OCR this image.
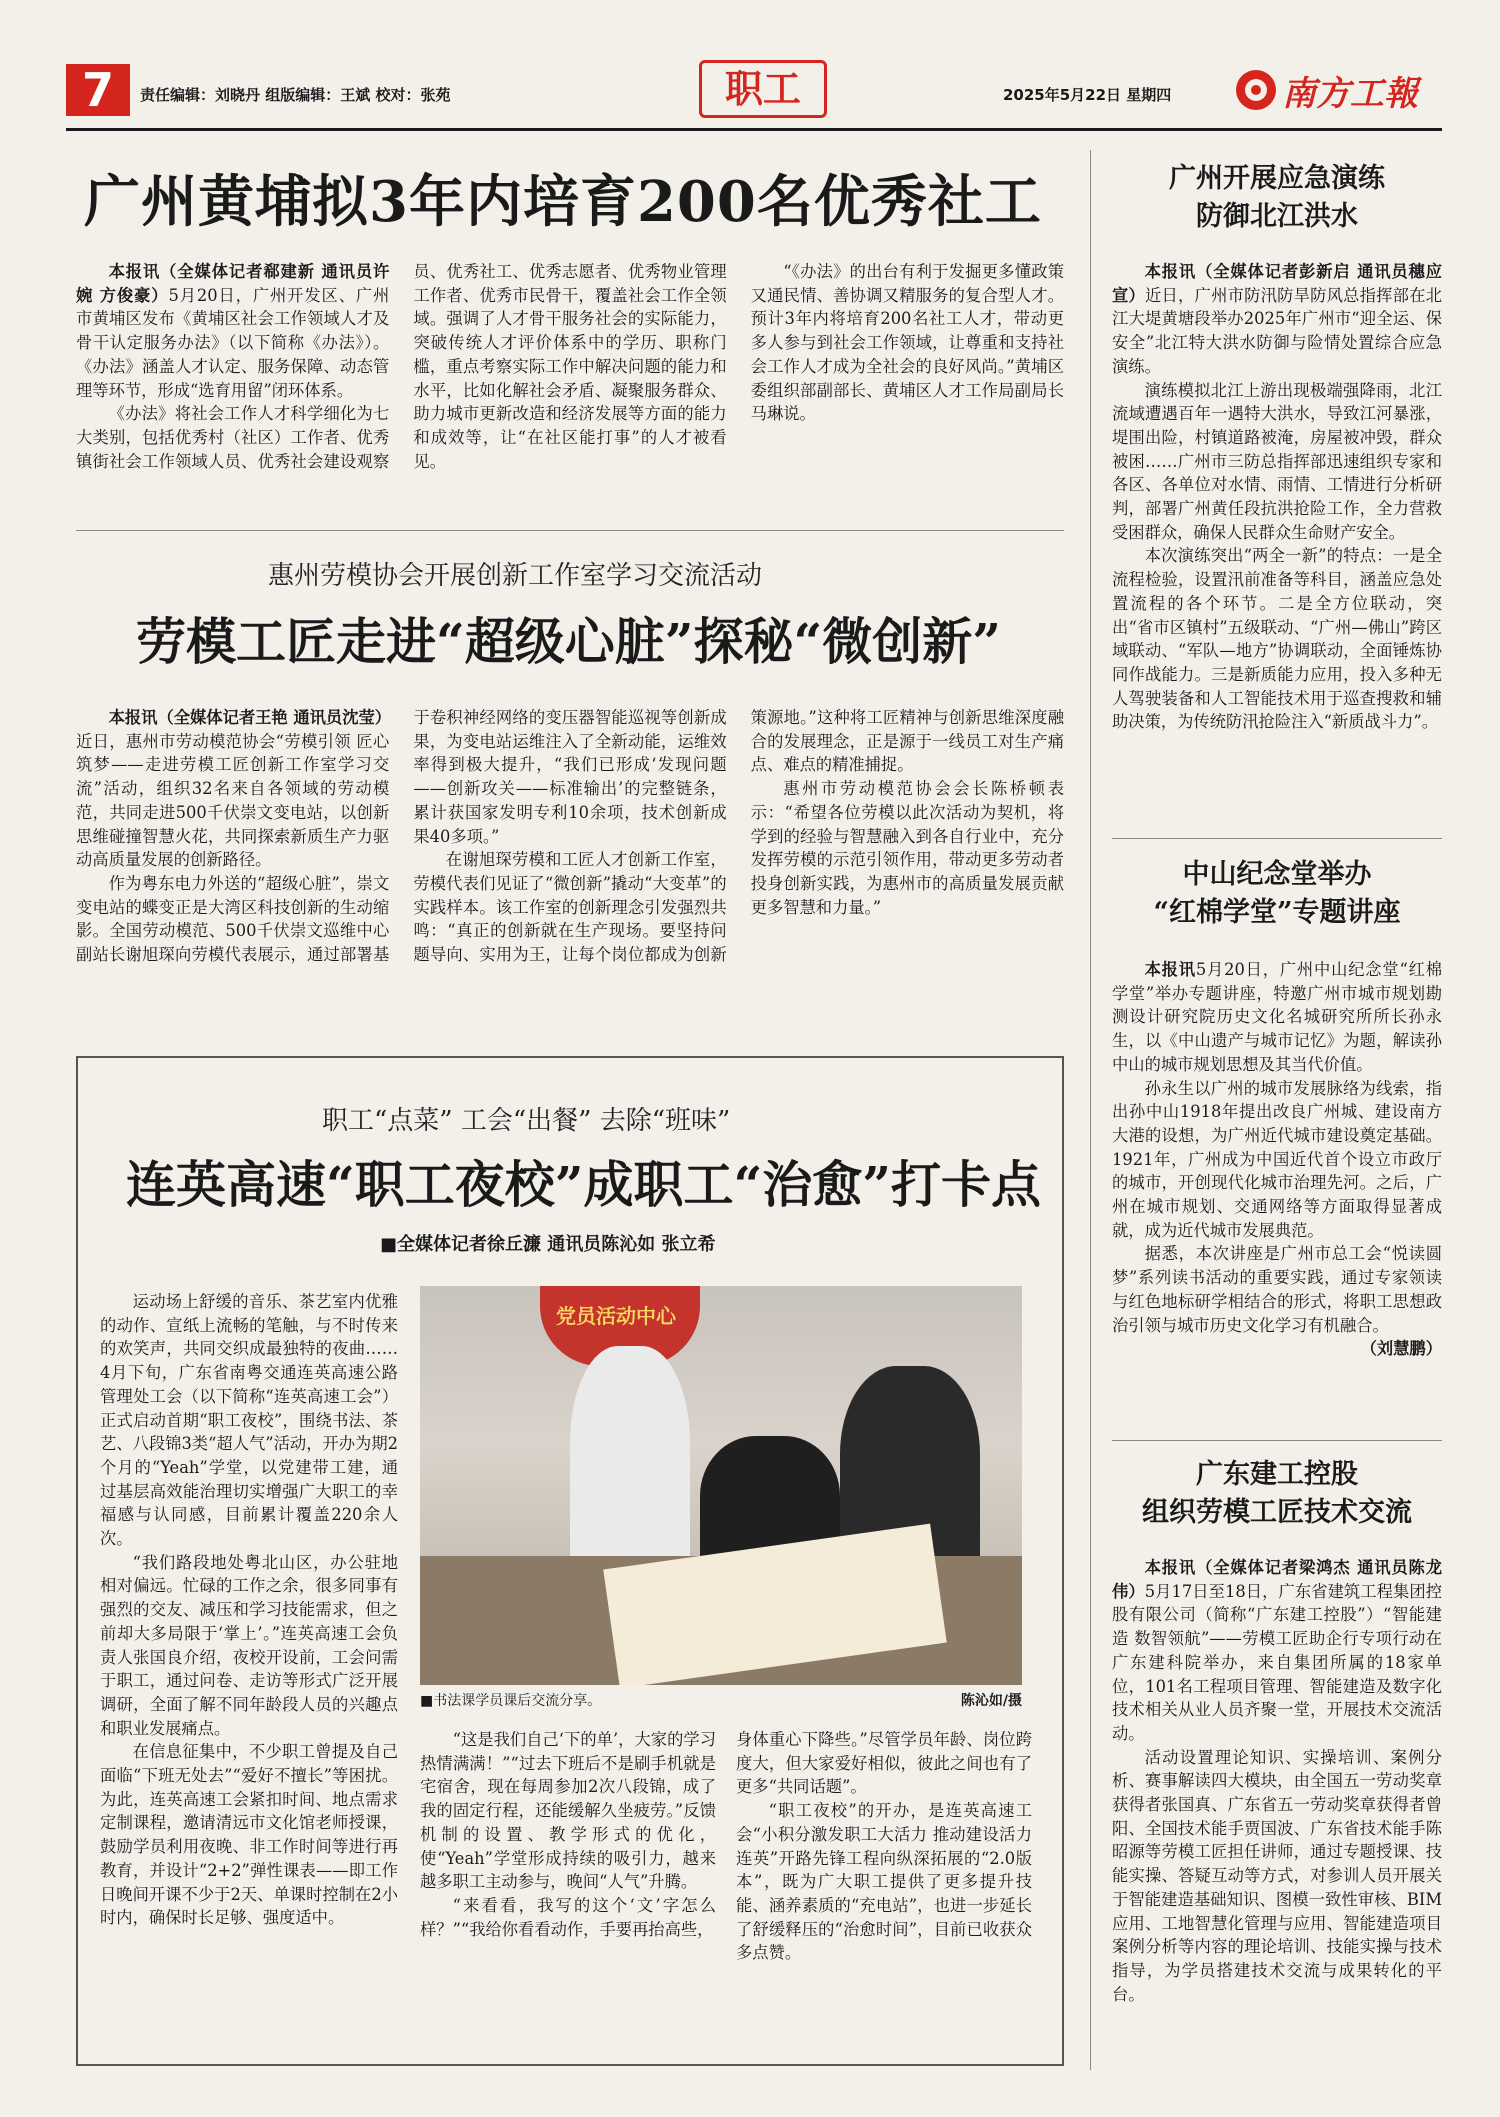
7	责任编辑：刘晓丹 组版编辑：王斌 校对：张苑	职工	2025年5月22日 星期四	南方工報
广州黄埔拟3年内培育200名优秀社工

本报讯（全媒体记者郗建新 通讯员许婉 方俊豪）5月20日，广州开发区、广州市黄埔区发布《黄埔区社会工作领域人才及骨干认定服务办法》（以下简称《办法》）。《办法》涵盖人才认定、服务保障、动态管理等环节，形成“选育用留”闭环体系。

《办法》将社会工作人才科学细化为七大类别，包括优秀村（社区）工作者、优秀镇街社会工作领域人员、优秀社会建设观察员、优秀社工、优秀志愿者、优秀物业管理工作者、优秀市民骨干，覆盖社会工作全领域。强调了人才骨干服务社会的实际能力，突破传统人才评价体系中的学历、职称门槛，重点考察实际工作中解决问题的能力和水平，比如化解社会矛盾、凝聚服务群众、助力城市更新改造和经济发展等方面的能力和成效等，让“在社区能打事”的人才被看见。

“《办法》的出台有利于发掘更多懂政策又通民情、善协调又精服务的复合型人才。预计3年内将培育200名社工人才，带动更多人参与到社会工作领域，让尊重和支持社会工作人才成为全社会的良好风尚。”黄埔区委组织部副部长、黄埔区人才工作局副局长马琳说。

惠州劳模协会开展创新工作室学习交流活动
劳模工匠走进“超级心脏”探秘“微创新”

本报讯（全媒体记者王艳 通讯员沈莹）近日，惠州市劳动模范协会“劳模引领 匠心筑梦——走进劳模工匠创新工作室学习交流”活动，组织32名来自各领域的劳动模范，共同走进500千伏崇文变电站，以创新思维碰撞智慧火花，共同探索新质生产力驱动高质量发展的创新路径。

作为粤东电力外送的“超级心脏”，崇文变电站的蝶变正是大湾区科技创新的生动缩影。全国劳动模范、500千伏崇文巡维中心副站长谢旭琛向劳模代表展示，通过部署基于卷积神经网络的变压器智能巡视等创新成果，为变电站运维注入了全新动能，运维效率得到极大提升，“我们已形成‘发现问题——创新攻关——标准输出’的完整链条，累计获国家发明专利10余项，技术创新成果40多项。”

在谢旭琛劳模和工匠人才创新工作室，劳模代表们见证了“微创新”撬动“大变革”的实践样本。该工作室的创新理念引发强烈共鸣：“真正的创新就在生产现场。要坚持问题导向、实用为王，让每个岗位都成为创新策源地。”这种将工匠精神与创新思维深度融合的发展理念，正是源于一线员工对生产痛点、难点的精准捕捉。

惠州市劳动模范协会会长陈桥顿表示：“希望各位劳模以此次活动为契机，将学到的经验与智慧融入到各自行业中，充分发挥劳模的示范引领作用，带动更多劳动者投身创新实践，为惠州市的高质量发展贡献更多智慧和力量。”

职工“点菜” 工会“出餐” 去除“班味”
连英高速“职工夜校”成职工“治愈”打卡点
■全媒体记者徐丘濂 通讯员陈沁如 张立希

运动场上舒缓的音乐、茶艺室内优雅的动作、宣纸上流畅的笔触，与不时传来的欢笑声，共同交织成最独特的夜曲……4月下旬，广东省南粤交通连英高速公路管理处工会（以下简称“连英高速工会”）正式启动首期“职工夜校”，围绕书法、茶艺、八段锦3类“超人气”活动，开办为期2个月的“Yeah”学堂，以党建带工建，通过基层高效能治理切实增强广大职工的幸福感与认同感，目前累计覆盖220余人次。

“我们路段地处粤北山区，办公驻地相对偏远。忙碌的工作之余，很多同事有强烈的交友、减压和学习技能需求，但之前却大多局限于‘掌上’。”连英高速工会负责人张国良介绍，夜校开设前，工会问需于职工，通过问卷、走访等形式广泛开展调研，全面了解不同年龄段人员的兴趣点和职业发展痛点。

在信息征集中，不少职工曾提及自己面临“下班无处去”“爱好不擅长”等困扰。为此，连英高速工会紧扣时间、地点需求定制课程，邀请清远市文化馆老师授课，鼓励学员利用夜晚、非工作时间等进行再教育，并设计“2+2”弹性课表——即工作日晚间开课不少于2天、单课时控制在2小时内，确保时长足够、强度适中。

党员活动中心
■书法课学员课后交流分享。	陈沁如/摄

“这是我们自己‘下的单’，大家的学习热情满满！”“过去下班后不是刷手机就是宅宿舍，现在每周参加2次八段锦，成了我的固定行程，还能缓解久坐疲劳。”反馈机制的设置、教学形式的优化，使“Yeah”学堂形成持续的吸引力，越来越多职工主动参与，晚间“人气”升腾。

“来看看，我写的这个‘文’字怎么样？”“我给你看看动作，手要再抬高些，

身体重心下降些。”尽管学员年龄、岗位跨度大，但大家爱好相似，彼此之间也有了更多“共同话题”。

“职工夜校”的开办，是连英高速工会“小积分激发职工大活力 推动建设活力连英”开路先锋工程向纵深拓展的“2.0版本”，既为广大职工提供了更多提升技能、涵养素质的“充电站”，也进一步延长了舒缓释压的“治愈时间”，目前已收获众多点赞。

广州开展应急演练
防御北江洪水

本报讯（全媒体记者彭新启 通讯员穗应宣）近日，广州市防汛防旱防风总指挥部在北江大堤黄塘段举办2025年广州市“迎全运、保安全”北江特大洪水防御与险情处置综合应急演练。

演练模拟北江上游出现极端强降雨，北江流域遭遇百年一遇特大洪水，导致江河暴涨，堤围出险，村镇道路被淹，房屋被冲毁，群众被困……广州市三防总指挥部迅速组织专家和各区、各单位对水情、雨情、工情进行分析研判，部署广州黄任段抗洪抢险工作，全力营救受困群众，确保人民群众生命财产安全。

本次演练突出“两全一新”的特点：一是全流程检验，设置汛前准备等科目，涵盖应急处置流程的各个环节。二是全方位联动，突出“省市区镇村”五级联动、“广州—佛山”跨区域联动、“军队—地方”协调联动，全面锤炼协同作战能力。三是新质能力应用，投入多种无人驾驶装备和人工智能技术用于巡查搜救和辅助决策，为传统防汛抢险注入“新质战斗力”。

中山纪念堂举办
“红棉学堂”专题讲座

本报讯5月20日，广州中山纪念堂“红棉学堂”举办专题讲座，特邀广州市城市规划勘测设计研究院历史文化名城研究所所长孙永生，以《中山遗产与城市记忆》为题，解读孙中山的城市规划思想及其当代价值。

孙永生以广州的城市发展脉络为线索，指出孙中山1918年提出改良广州城、建设南方大港的设想，为广州近代城市建设奠定基础。1921年，广州成为中国近代首个设立市政厅的城市，开创现代化城市治理先河。之后，广州在城市规划、交通网络等方面取得显著成就，成为近代城市发展典范。

据悉，本次讲座是广州市总工会“悦读圆梦”系列读书活动的重要实践，通过专家领读与红色地标研学相结合的形式，将职工思想政治引领与城市历史文化学习有机融合。

（刘慧鹏）
广东建工控股
组织劳模工匠技术交流

本报讯（全媒体记者梁鸿杰 通讯员陈龙伟）5月17日至18日，广东省建筑工程集团控股有限公司（简称“广东建工控股”）“智能建造 数智领航”——劳模工匠助企行专项行动在广东建科院举办，来自集团所属的18家单位，101名工程项目管理、智能建造及数字化技术相关从业人员齐聚一堂，开展技术交流活动。

活动设置理论知识、实操培训、案例分析、赛事解读四大模块，由全国五一劳动奖章获得者张国真、广东省五一劳动奖章获得者曾阳、全国技术能手贾国波、广东省技术能手陈昭源等劳模工匠担任讲师，通过专题授课、技能实操、答疑互动等方式，对参训人员开展关于智能建造基础知识、图模一致性审核、BIM应用、工地智慧化管理与应用、智能建造项目案例分析等内容的理论培训、技能实操与技术指导，为学员搭建技术交流与成果转化的平台。
